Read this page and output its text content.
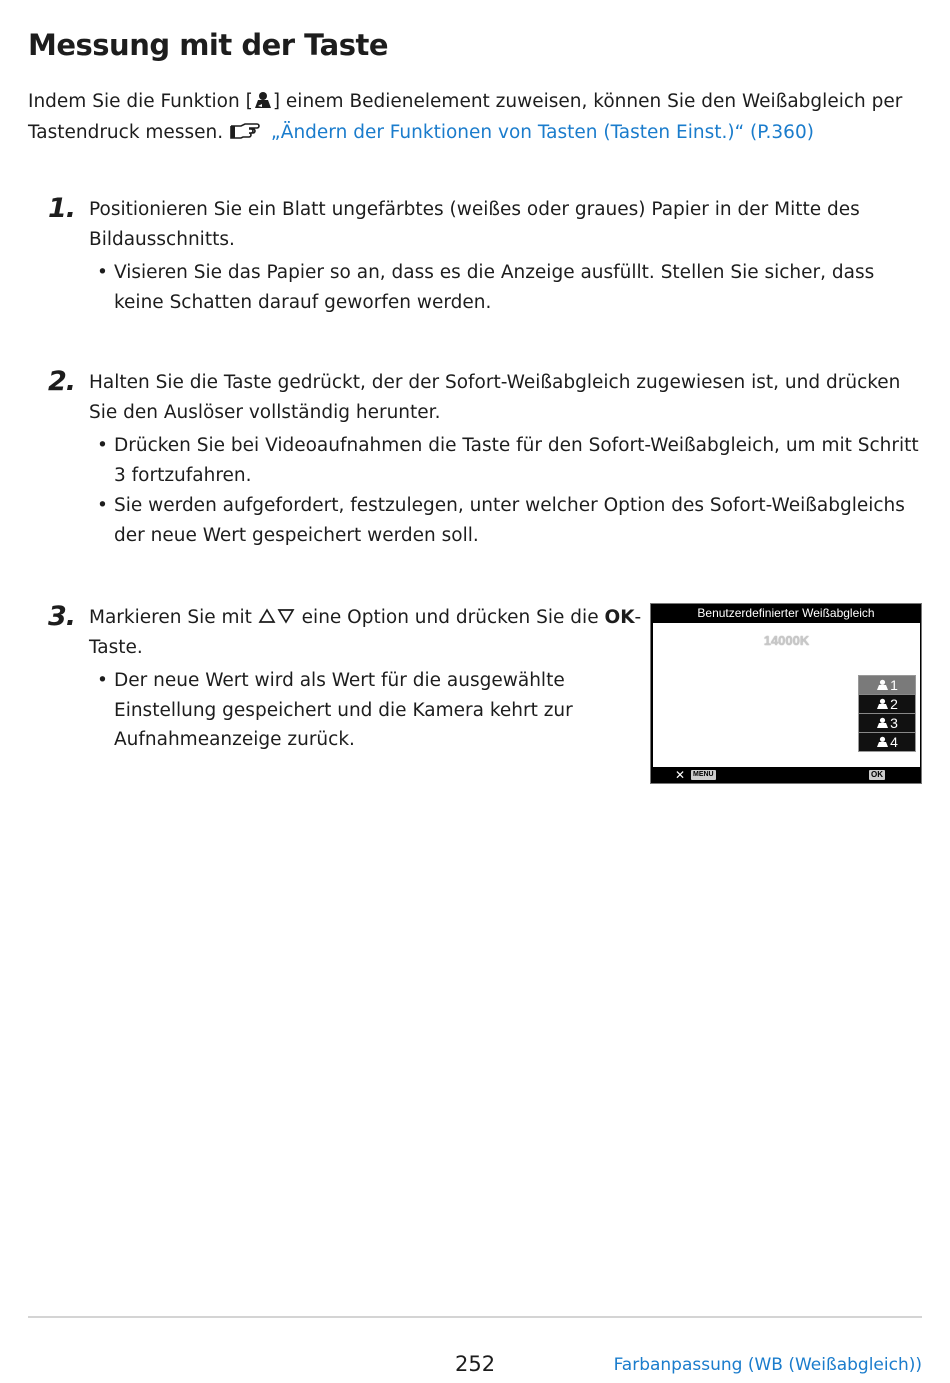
Messung mit der Taste
Indem Sie die Funktion [ ] einem Bedienelement zuweisen, können Sie den Weißabgleich per Tastendruck messen.	„Ändern der Funktionen von Tasten (Tasten Einst.)“ (P.360)
1. Positionieren Sie ein Blatt ungefärbtes (weißes oder graues) Papier in der Mitte des Bildausschnitts.
• Visieren Sie das Papier so an, dass es die Anzeige ausfüllt. Stellen Sie sicher, dass keine Schatten darauf geworfen werden.
2. Halten Sie die Taste gedrückt, der der Sofort-Weißabgleich zugewiesen ist, und drücken Sie den Auslöser vollständig herunter.
• Drücken Sie bei Videoaufnahmen die Taste für den Sofort-Weißabgleich, um mit Schritt 3 fortzufahren.
• Sie werden aufgefordert, festzulegen, unter welcher Option des Sofort-Weißabgleichs der neue Wert gespeichert werden soll.
3. Markieren Sie mit	eine Option und drücken Sie die OK-Taste.
• Der neue Wert wird als Wert für die ausgewählte Einstellung gespeichert und die Kamera kehrt zur Aufnahmeanzeige zurück.
Benutzerdefinierter Weißabgleich
14000K
1
2
3
4
✕ MENU	OK
252	Farbanpassung (WB (Weißabgleich))
